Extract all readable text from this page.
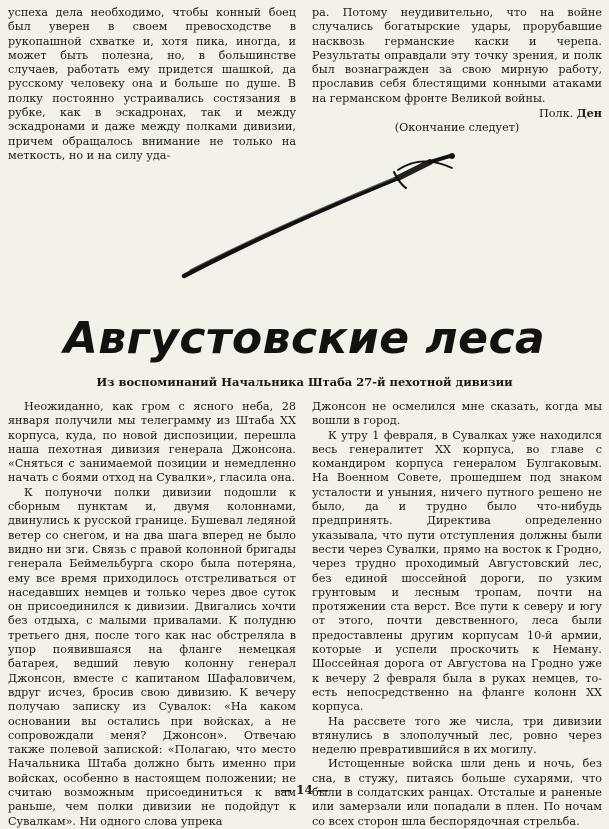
успеха дела необходимо, чтобы конный боец был уверен в своем превосходстве в рукопашной схватке и, хотя пика, иногда, и может быть полезна, но, в большинстве случаев, работать ему придется шашкой, да русскому человеку она и больше по душе. В полку постоянно устраивались состязания в рубке, как в эскадронах, так и между эскадронами и даже между полками дивизии, причем обращалось внимание не только на меткость, но и на силу уда-

ра. Потому неудивительно, что на войне случались богатырские удары, прорубавшие насквозь германские каски и черепа. Результаты оправдали эту точку зрения, и полк был вознагражден за свою мирную работу, прославив себя блестящими конными атаками на германском фронте Великой войны.

Полк. Ден

(Окончание следует)

Августовские леса
Из воспоминаний Начальника Штаба 27-й пехотной дивизии

Неожиданно, как гром с ясного неба, 28 января получили мы телеграмму из Штаба XX корпуса, куда, по новой диспозиции, перешла наша пехотная дивизия генерала Джонсона. «Сняться с занимаемой позиции и немедленно начать с боями отход на Сувалки», гласила она.

К полуночи полки дивизии подошли к сборным пунктам и, двумя колоннами, двинулись к русской границе. Бушевал ледяной ветер со снегом, и на два шага вперед не было видно ни зги. Связь с правой колонной бригады генерала Беймельбурга скоро была потеряна, ему все время приходилось отстреливаться от наседавших немцев и только через двое суток он присоединился к дивизии. Двигались хочти без отдыха, с малыми привалами. К полудню третьего дня, после того как нас обстреляла в упор появившаяся на фланге немецкая батарея, ведший левую колонну генерал Джонсон, вместе с капитаном Шафаловичем, вдруг исчез, бросив свою дивизию. К вечеру получаю записку из Сувалок: «На каком основании вы остались при войсках, а не сопровождали меня? Джонсон». Отвечаю также полевой запиской: «Полагаю, что место Начальника Штаба должно быть именно при войсках, особенно в настоящем положении; не считаю возможным присоединиться к вам раньше, чем полки дивизии не подойдут к Сувалкам». Ни одного слова упрека

Джонсон не осмелился мне сказать, когда мы вошли в город.

К утру 1 февраля, в Сувалках уже находился весь генералитет XX корпуса, во главе с командиром корпуса генералом Булгаковым. На Военном Совете, прошедшем под знаком усталости и уныния, ничего путного решено не было, да и трудно было что-нибудь предпринять. Директива определенно указывала, что пути отступления должны были вести через Сувалки, прямо на восток к Гродно, через трудно проходимый Августовский лес, без единой шоссейной дороги, по узким грунтовым и лесным тропам, почти на протяжении ста верст. Все пути к северу и югу от этого, почти девственного, леса были предоставлены другим корпусам 10-й армии, которые и успели проскочить к Неману. Шоссейная дорога от Августова на Гродно уже к вечеру 2 февраля была в руках немцев, то-есть непосредственно на фланге колонн XX корпуса.

На рассвете того же числа, три дивизии втянулись в злополучный лес, ровно через неделю превратившийся в их могилу.

Истощенные войска шли день и ночь, без сна, в стужу, питаясь больше сухарями, что были в солдатских ранцах. Отсталые и раненые или замерзали или попадали в плен. По ночам со всех сторон шла беспорядочная стрельба.

— 14 —
